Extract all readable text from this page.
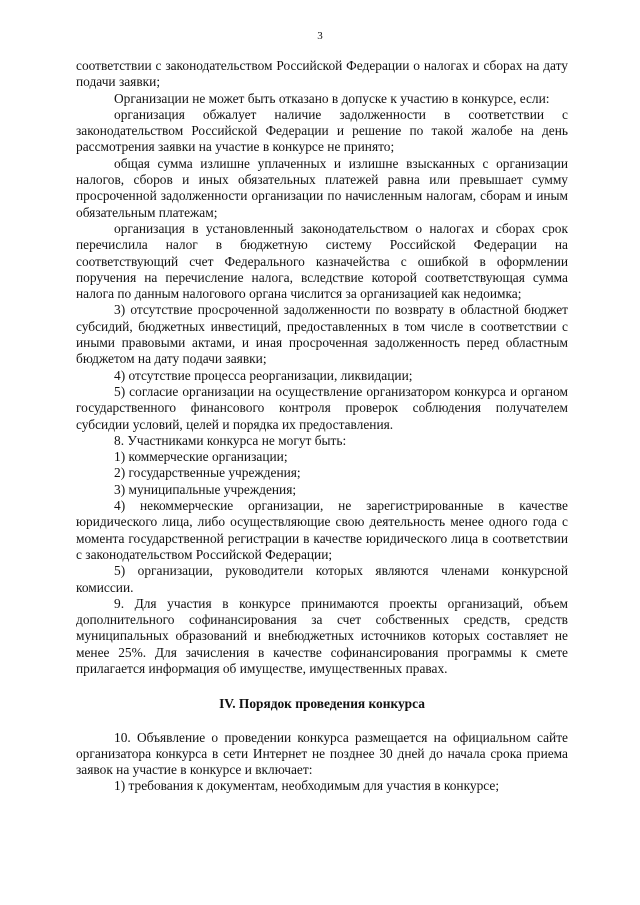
3

соответствии с законодательством Российской Федерации о налогах и сборах на дату подачи заявки;

Организации не может быть отказано в допуске к участию в конкурсе, если:

организация обжалует наличие задолженности в соответствии с законодательством Российской Федерации и решение по такой жалобе на день рассмотрения заявки на участие в конкурсе не принято;

общая сумма излишне уплаченных и излишне взысканных с организации налогов, сборов и иных обязательных платежей равна или превышает сумму просроченной задолженности организации по начисленным налогам, сборам и иным обязательным платежам;

организация в установленный законодательством о налогах и сборах срок перечислила налог в бюджетную систему Российской Федерации на соответствующий счет Федерального казначейства с ошибкой в оформлении поручения на перечисление налога, вследствие которой соответствующая сумма налога по данным налогового органа числится за организацией как недоимка;

3) отсутствие просроченной задолженности по возврату в областной бюджет субсидий, бюджетных инвестиций, предоставленных в том числе в соответствии с иными правовыми актами, и иная просроченная задолженность перед областным бюджетом на дату подачи заявки;

4) отсутствие процесса реорганизации, ликвидации;

5) согласие организации на осуществление организатором конкурса и органом государственного финансового контроля проверок соблюдения получателем субсидии условий, целей и порядка их предоставления.

8. Участниками конкурса не могут быть:

1) коммерческие организации;

2) государственные учреждения;

3) муниципальные учреждения;

4) некоммерческие организации, не зарегистрированные в качестве юридического лица, либо осуществляющие свою деятельность менее одного года с момента государственной регистрации в качестве юридического лица в соответствии с законодательством Российской Федерации;

5) организации, руководители которых являются членами конкурсной комиссии.

9. Для участия в конкурсе принимаются проекты организаций, объем дополнительного софинансирования за счет собственных средств, средств муниципальных образований и внебюджетных источников которых составляет не менее 25%. Для зачисления в качестве софинансирования программы к смете прилагается информация об имуществе, имущественных правах.

IV. Порядок проведения конкурса

10. Объявление о проведении конкурса размещается на официальном сайте организатора конкурса в сети Интернет не позднее 30 дней до начала срока приема заявок на участие в конкурсе и включает:

1) требования к документам, необходимым для участия в конкурсе;
